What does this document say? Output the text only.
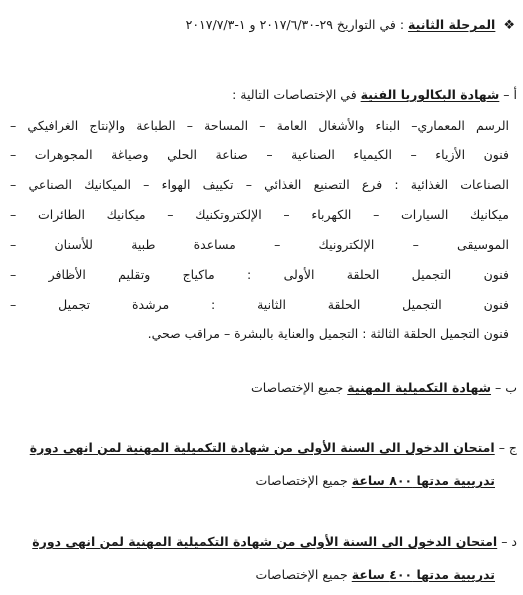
❖ المرحلة الثانية : في التواريخ ٢٩-٢٠١٧/٦/٣٠ و ١-٢٠١٧/٧/٣
أ – شهادة البكالوريا الفنية في الإختصاصات التالية :
الرسم المعماري– البناء والأشغال العامة – المساحة – الطباعة والإنتاج الغرافيكي –
فنون الأزياء – الكيمياء الصناعية – صناعة الحلي وصياغة المجوهرات –
الصناعات الغذائية : فرع التصنيع الغذائي – تكييف الهواء – الميكانيك الصناعي –
ميكانيك السيارات – الكهرباء – الإلكتروتكنيك – ميكانيك الطائرات –
الموسيقى – الإلكترونيك – مساعدة طبية للأسنان –
فنون التجميل الحلقة الأولى : ماكياج وتقليم الأظافر –
فنون التجميل الحلقة الثانية : مرشدة تجميل –
فنون التجميل الحلقة الثالثة : التجميل والعناية بالبشرة – مراقب صحي.
ب – شهادة التكميلية المهنية جميع الإختصاصات
ج – امتحان الدخول الى السنة الأولى من شهادة التكميلية المهنية لمن انهى دورة
تدريبية مدتها ٨٠٠ ساعة جميع الإختصاصات
د – امتحان الدخول الى السنة الأولى من شهادة التكميلية المهنية لمن انهى دورة
تدريبية مدتها ٤٠٠ ساعة جميع الإختصاصات
